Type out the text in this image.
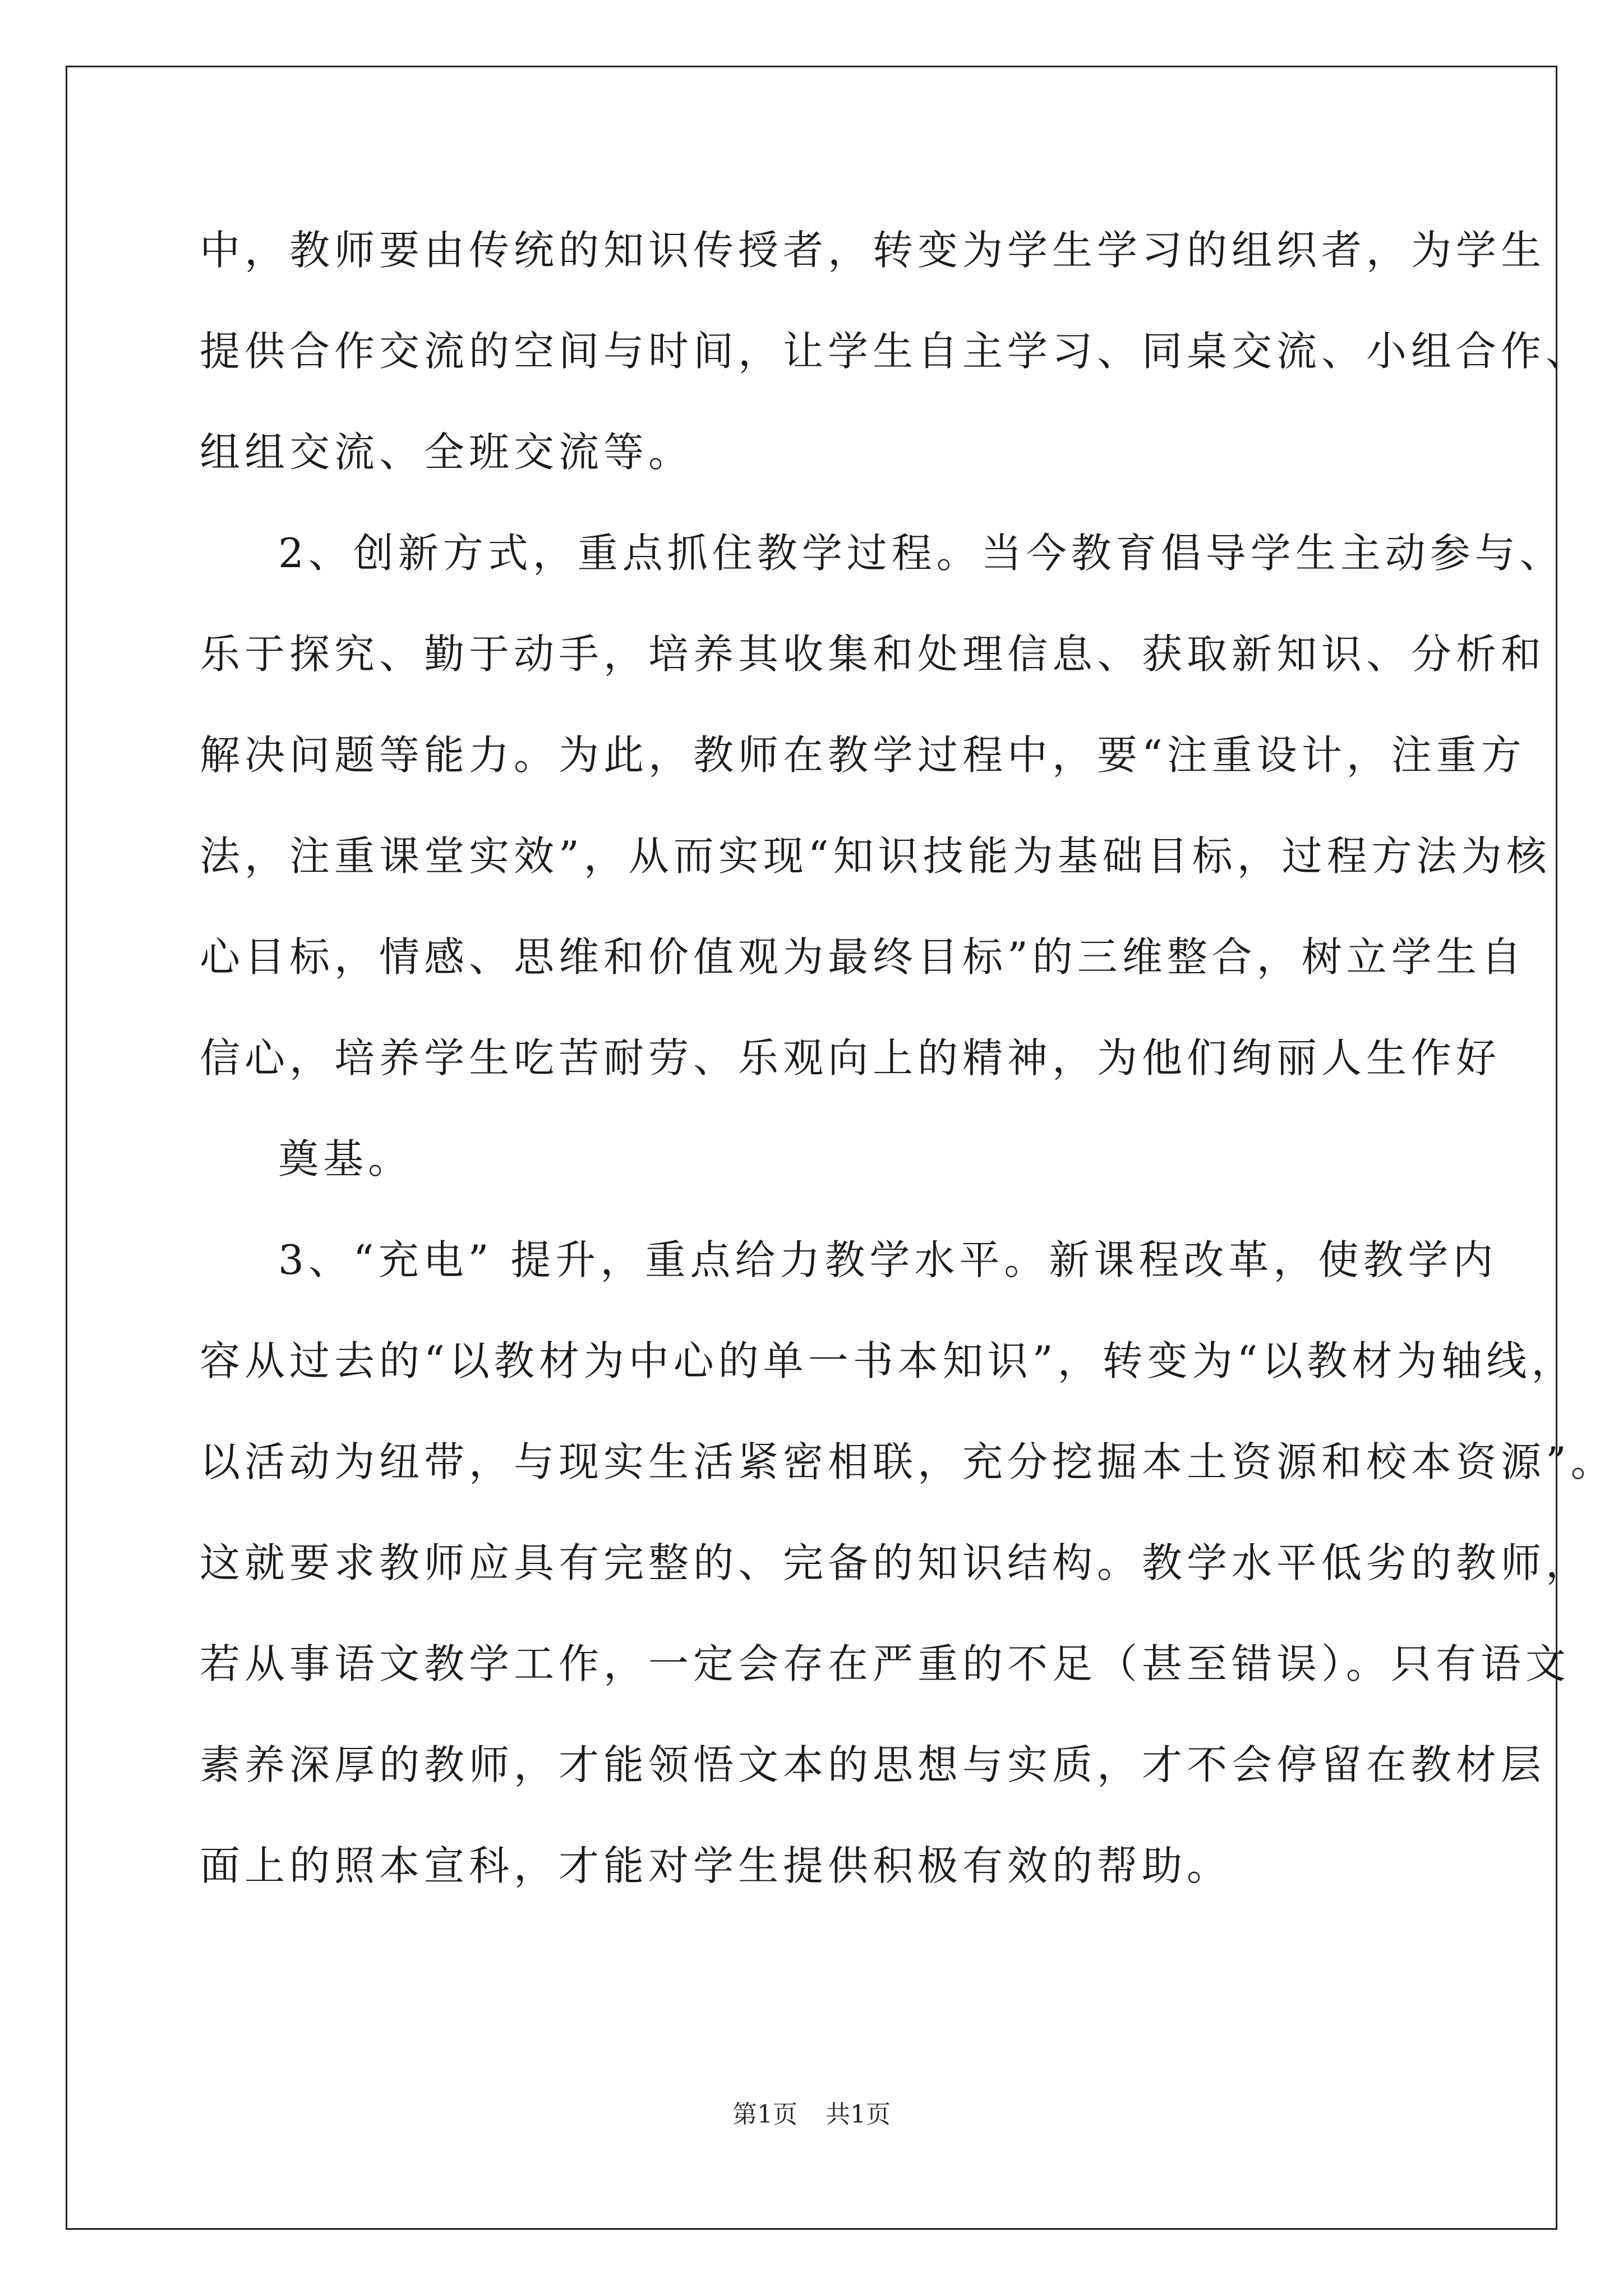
中，教师要由传统的知识传授者，转变为学生学习的组织者，为学生
提供合作交流的空间与时间，让学生自主学习、同桌交流、小组合作、
组组交流、全班交流等。
2、创新方式，重点抓住教学过程。当今教育倡导学生主动参与、
乐于探究、勤于动手，培养其收集和处理信息、获取新知识、分析和
解决问题等能力。为此，教师在教学过程中，要“注重设计，注重方
法，注重课堂实效”，从而实现“知识技能为基础目标，过程方法为核
心目标，情感、思维和价值观为最终目标”的三维整合，树立学生自
信心，培养学生吃苦耐劳、乐观向上的精神，为他们绚丽人生作好
奠基。
3、“充电” 提升，重点给力教学水平。新课程改革，使教学内
容从过去的“以教材为中心的单一书本知识”，转变为“以教材为轴线，
以活动为纽带，与现实生活紧密相联，充分挖掘本土资源和校本资源”。
这就要求教师应具有完整的、完备的知识结构。教学水平低劣的教师，
若从事语文教学工作，一定会存在严重的不足（甚至错误）。只有语文
素养深厚的教师，才能领悟文本的思想与实质，才不会停留在教材层
面上的照本宣科，才能对学生提供积极有效的帮助。
第1页 共1页
